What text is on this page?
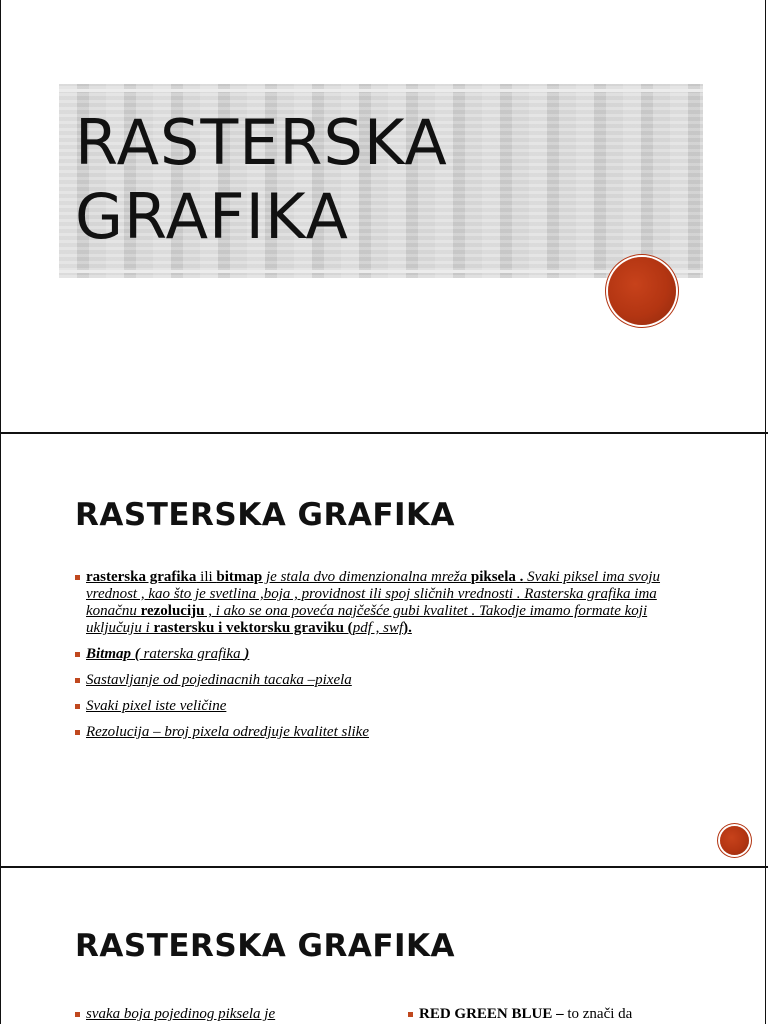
RASTERSKA
GRAFIKA
RASTERSKA GRAFIKA
rasterska grafika ili bitmap je stala dvo dimenzionalna mreža piksela . Svaki piksel ima svoju vrednost , kao što je svetlina ,boja , providnost ili spoj sličnih vrednosti . Rasterska grafika ima konačnu rezoluciju , i ako se ona poveća najčešće gubi kvalitet . Takodje imamo formate koji uključuju i rastersku i vektorsku graviku (pdf , swf).
Bitmap ( raterska grafika )
Sastavljanje od pojedinacnih tacaka –pixela
Svaki pixel iste veličine
Rezolucija – broj pixela odredjuje kvalitet slike
RASTERSKA GRAFIKA
svaka boja pojedinog piksela je	RED GREEN BLUE – to znači da
